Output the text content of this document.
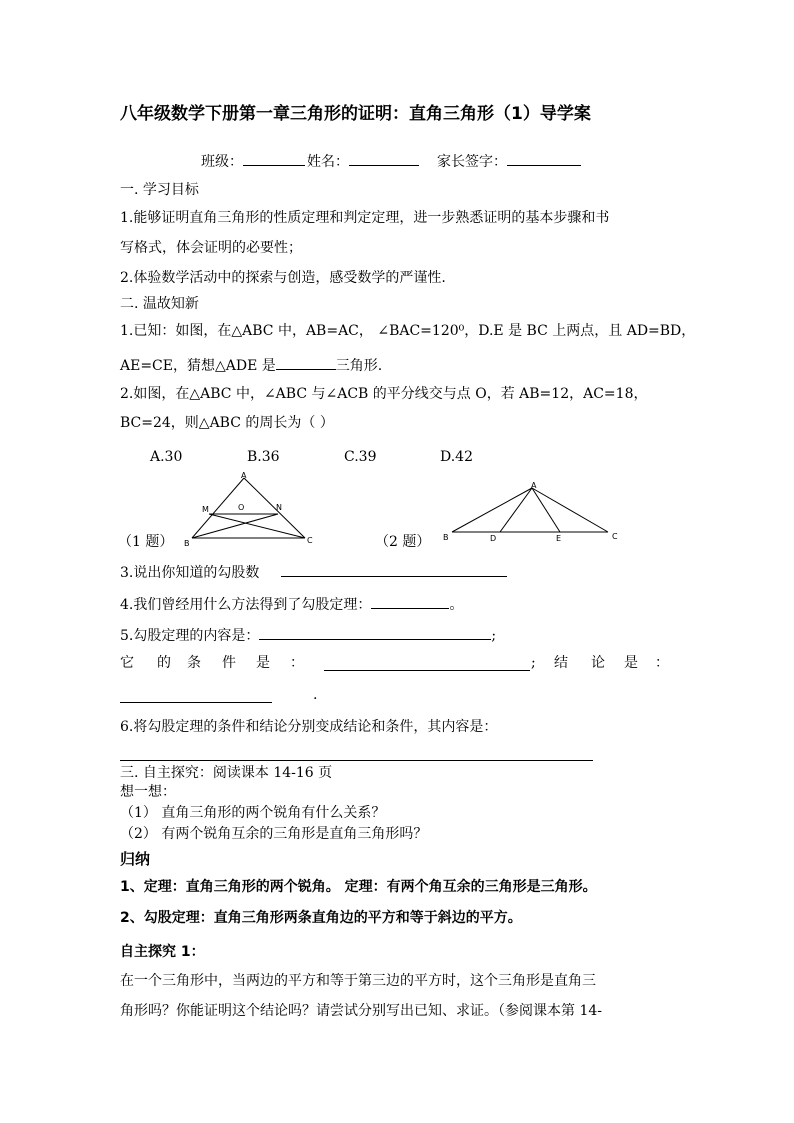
八年级数学下册第一章三角形的证明：直角三角形（1）导学案
班级：	姓名：	家长签字：
一. 学习目标
1.能够证明直角三角形的性质定理和判定定理，进一步熟悉证明的基本步骤和书
写格式，体会证明的必要性；
2.体验数学活动中的探索与创造，感受数学的严谨性.
二. 温故知新
1.已知：如图，在△ABC 中，AB=AC， ∠BAC=120⁰，D.E 是 BC 上两点，且 AD=BD，
AE=CE，猜想△ADE 是	三角形.
2.如图，在△ABC 中，∠ABC 与∠ACB 的平分线交与点 O，若 AB=12，AC=18，
BC=24，则△ABC 的周长为（ ）
A.30	B.36	C.39	D.42
A
M	O	N
B	C
（1 题）
A
B	D	E	C
（2 题）
3.说出你知道的勾股数
4.我们曾经用什么方法得到了勾股定理：	。
5.勾股定理的内容是：	;
它 的 条 件 是 ：	; 结 论 是 ：
.
6.将勾股定理的条件和结论分别变成结论和条件，其内容是：
三. 自主探究：阅读课本 14-16 页
想一想：
（1） 直角三角形的两个锐角有什么关系？
（2） 有两个锐角互余的三角形是直角三角形吗？
归纳
1、定理：直角三角形的两个锐角。 定理：有两个角互余的三角形是三角形。
2、勾股定理：直角三角形两条直角边的平方和等于斜边的平方。
自主探究 1：
在一个三角形中，当两边的平方和等于第三边的平方时，这个三角形是直角三
角形吗？你能证明这个结论吗？请尝试分别写出已知、求证。（参阅课本第 14-
